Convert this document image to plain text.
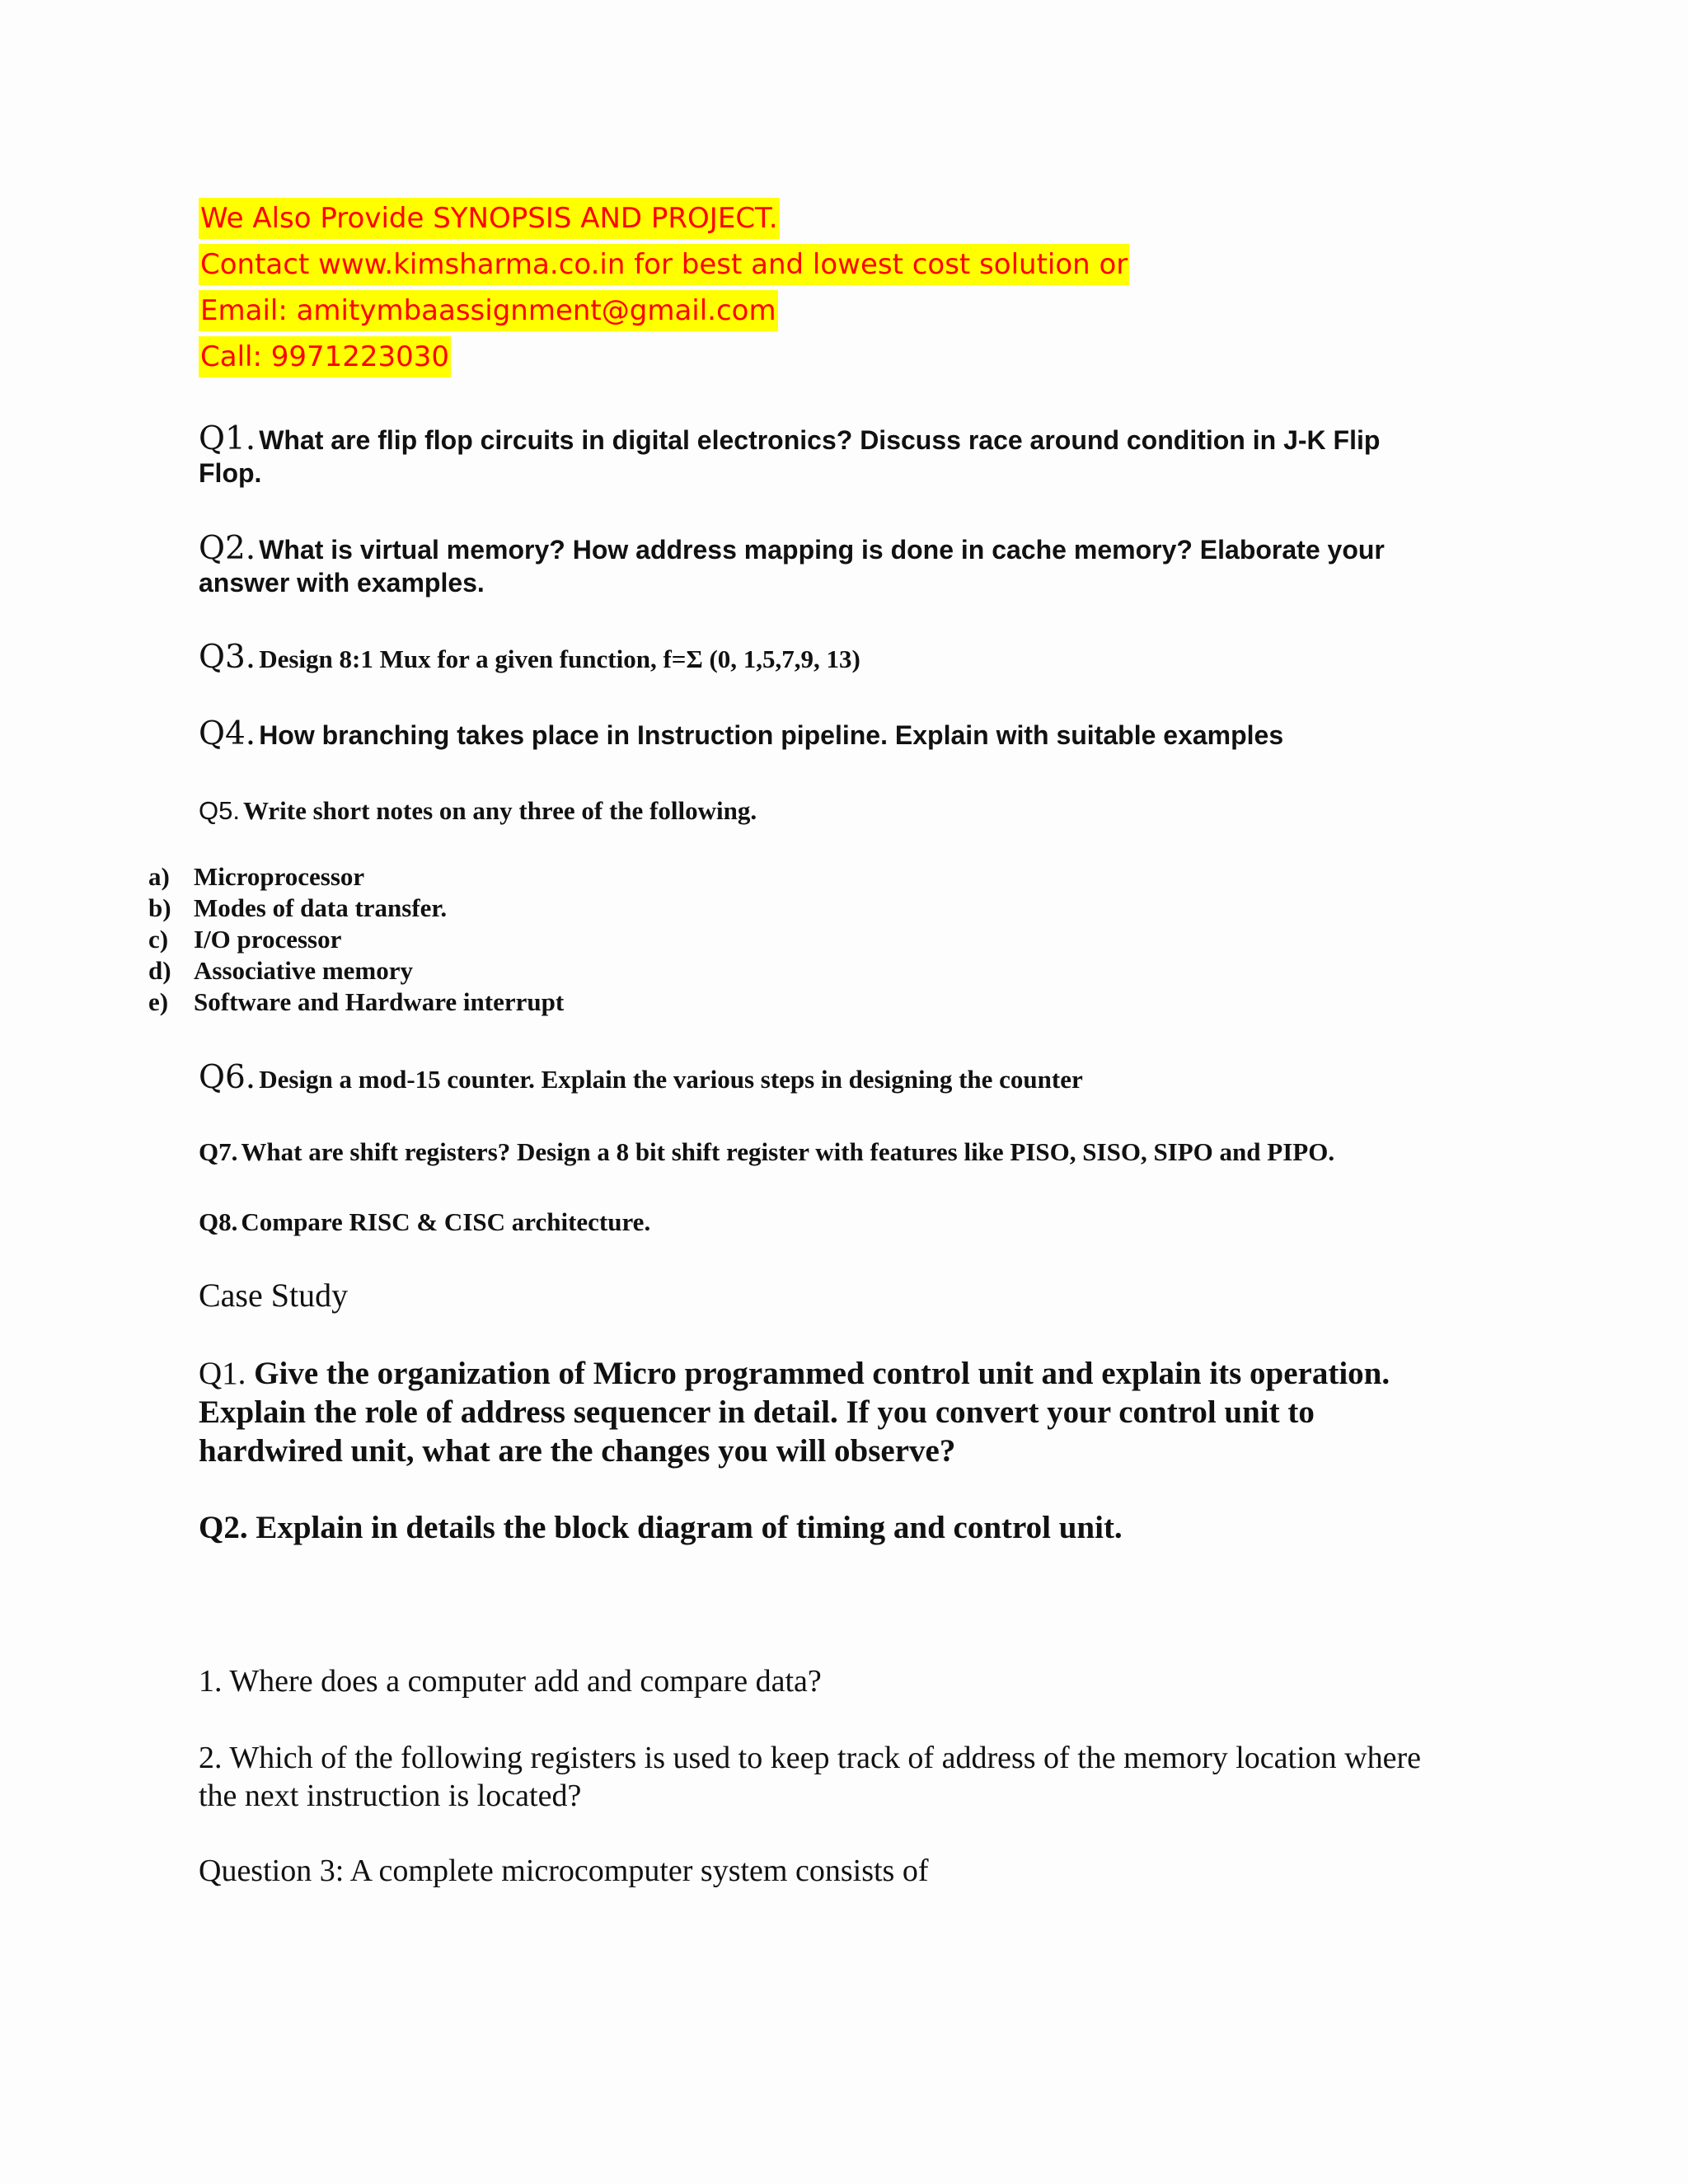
We Also Provide SYNOPSIS AND PROJECT.
Contact www.kimsharma.co.in for best and lowest cost solution or
Email: amitymbaassignment@gmail.com
Call: 9971223030
Q1. What are flip flop circuits in digital electronics? Discuss race around condition in J-K Flip Flop.
Q2. What is virtual memory? How address mapping is done in cache memory? Elaborate your answer with examples.
Q3. Design 8:1 Mux for a given function, f=Σ (0, 1,5,7,9, 13)
Q4. How branching takes place in Instruction pipeline. Explain with suitable examples
Q5. Write short notes on any three of the following.
a) Microprocessor
b) Modes of data transfer.
c) I/O processor
d) Associative memory
e) Software and Hardware interrupt
Q6. Design a mod-15 counter. Explain the various steps in designing the counter
Q7. What are shift registers? Design a 8 bit shift register with features like PISO, SISO, SIPO and PIPO.
Q8. Compare RISC & CISC architecture.
Case Study
Q1. Give the organization of Micro programmed control unit and explain its operation. Explain the role of address sequencer in detail. If you convert your control unit to hardwired unit, what are the changes you will observe?
Q2. Explain in details the block diagram of timing and control unit.
1. Where does a computer add and compare data?
2. Which of the following registers is used to keep track of address of the memory location where the next instruction is located?
Question 3: A complete microcomputer system consists of
